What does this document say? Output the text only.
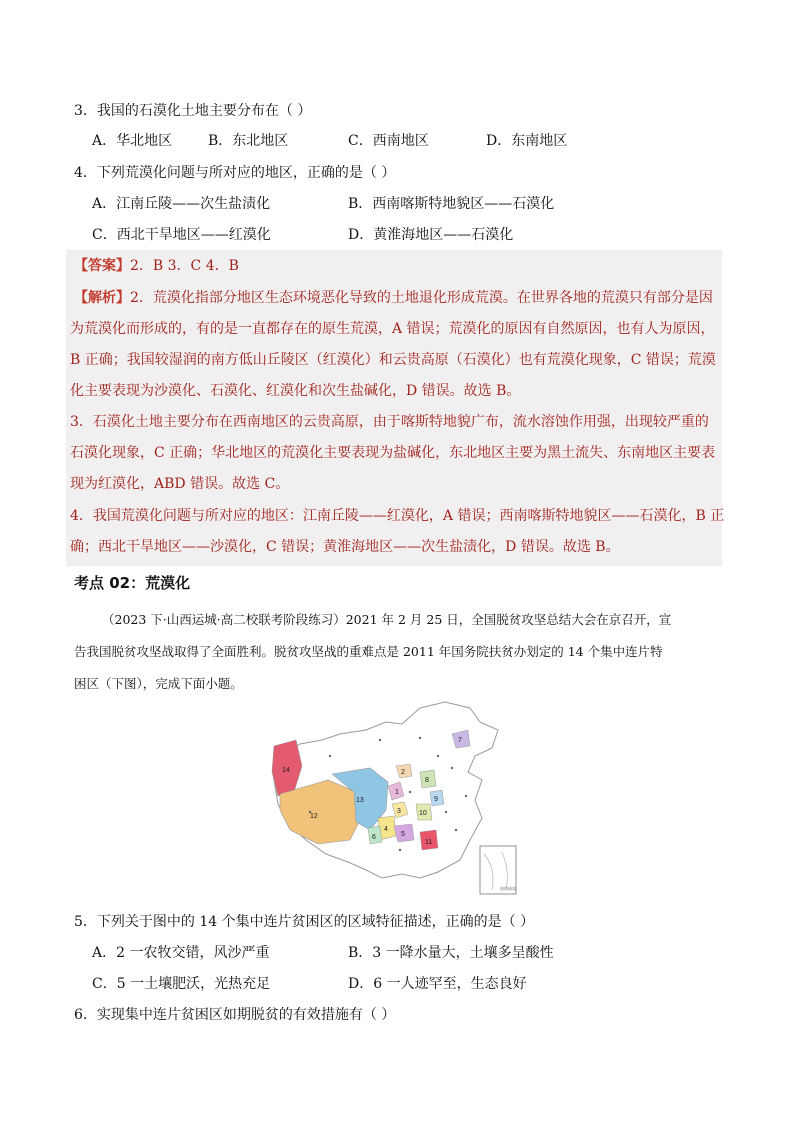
3．我国的石漠化土地主要分布在（ ）
A．华北地区	B．东北地区	C．西南地区	D．东南地区
4．下列荒漠化问题与所对应的地区，正确的是（ ）
A．江南丘陵——次生盐渍化	B．西南喀斯特地貌区——石漠化
C．西北干旱地区——红漠化	D．黄淮海地区——石漠化
【答案】2．B 3．C 4．B
【解析】2．荒漠化指部分地区生态环境恶化导致的土地退化形成荒漠。在世界各地的荒漠只有部分是因
为荒漠化而形成的，有的是一直都存在的原生荒漠，A 错误；荒漠化的原因有自然原因，也有人为原因，
B 正确；我国较湿润的南方低山丘陵区（红漠化）和云贵高原（石漠化）也有荒漠化现象，C 错误；荒漠
化主要表现为沙漠化、石漠化、红漠化和次生盐碱化，D 错误。故选 B。
3．石漠化土地主要分布在西南地区的云贵高原，由于喀斯特地貌广布，流水溶蚀作用强，出现较严重的
石漠化现象，C 正确；华北地区的荒漠化主要表现为盐碱化，东北地区主要为黑土流失、东南地区主要表
现为红漠化，ABD 错误。故选 C。
4．我国荒漠化问题与所对应的地区：江南丘陵——红漠化，A 错误；西南喀斯特地貌区——石漠化，B 正
确；西北干旱地区——沙漠化，C 错误；黄淮海地区——次生盐渍化，D 错误。故选 B。
考点 02：荒漠化
（2023 下·山西运城·高二校联考阶段练习）2021 年 2 月 25 日，全国脱贫攻坚总结大会在京召开，宣
告我国脱贫攻坚战取得了全面胜利。脱贫攻坚战的重难点是 2011 年国务院扶贫办划定的 14 个集中连片特
困区（下图），完成下面小题。
1
2
3
4
5
6
7
8
9
10
11
12
13
14
南海诸岛
5．下列关于图中的 14 个集中连片贫困区的区域特征描述，正确的是（ ）
A．2 一农牧交错，风沙严重	B．3 一降水量大，土壤多呈酸性
C．5 一土壤肥沃，光热充足	D．6 一人迹罕至，生态良好
6．实现集中连片贫困区如期脱贫的有效措施有（ ）
